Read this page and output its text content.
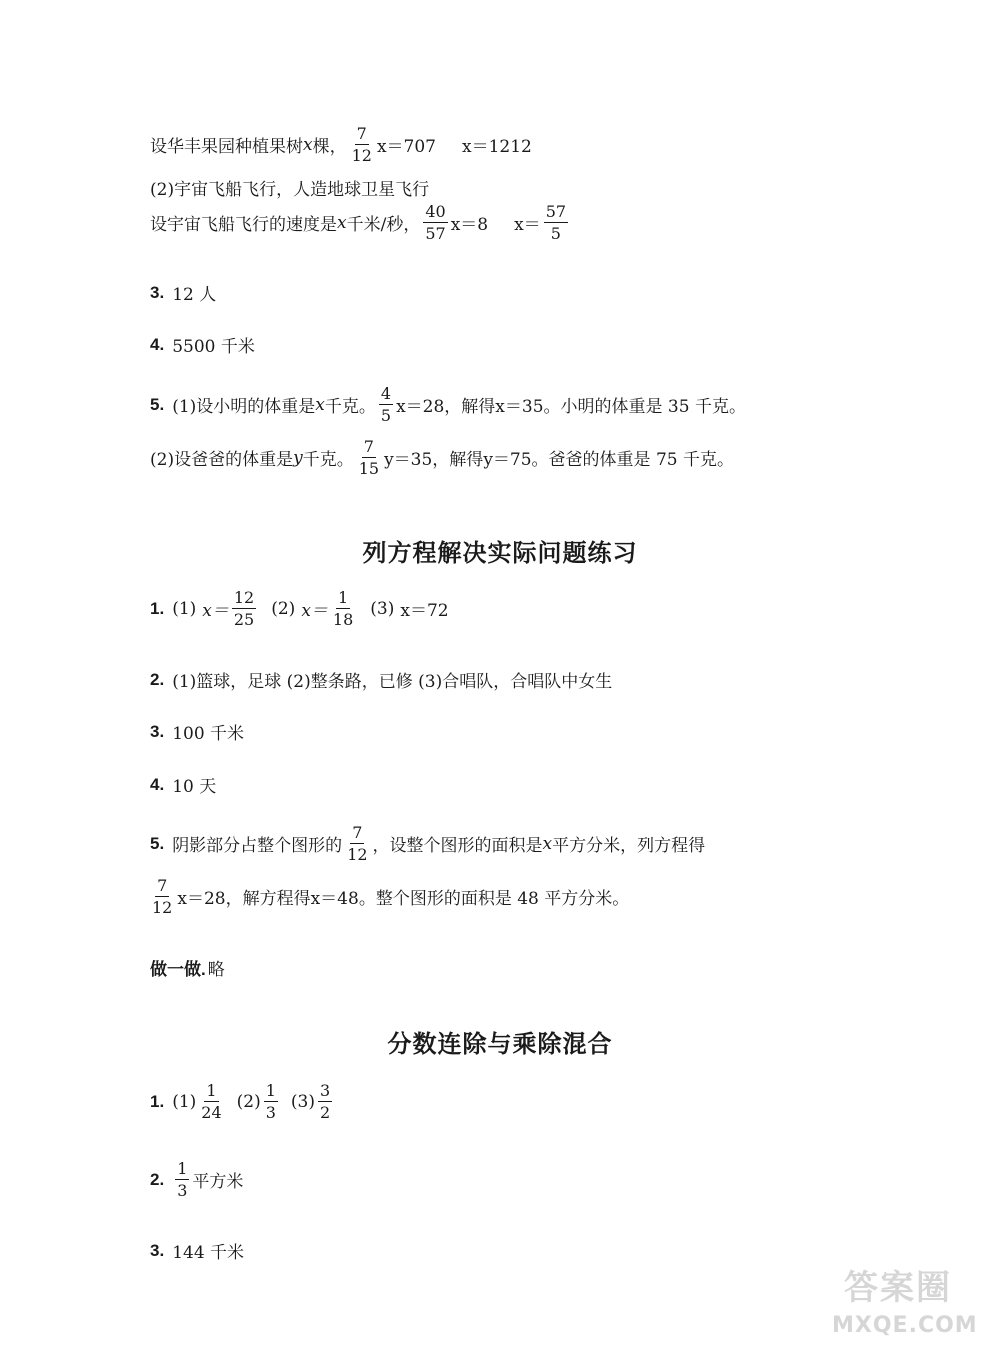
设华丰果园种植果树 x 棵， $\frac{7}{12} x=707$ x＝1212
(2)宇宙飞船飞行，人造地球卫星飞行
设宇宙飞船飞行的速度是 x 千米/秒， $\frac{40}{57} x=8$ $x= \frac{57}{5}$
3. 12 人
4. 5500 千米
5. (1)设小明的体重是 x 千克。 $\frac{4}{5} x=28$，解得 x＝35。小明的体重是 35 千克。
(2)设爸爸的体重是 y 千克。 $\frac{7}{15} y=35$，解得 y＝75。爸爸的体重是 75 千克。
列方程解决实际问题练习
1. (1) $x= \frac{12}{25} (2)$ $x= \frac{1}{18} (3)$ x＝72
2. (1)篮球，足球 (2)整条路，已修 (3)合唱队，合唱队中女生
3. 100 千米
4. 10 天
5. 阴影部分占整个图形的 $\frac{7}{12}$ ，设整个图形的面积是 x 平方分米，列方程得
$\frac{7}{12} x=28$，解方程得 x＝48。整个图形的面积是 48 平方分米。
做一做. 略
分数连除与乘除混合
1. $(1) \frac{1}{24} (2) \frac{1}{3} (3) \frac{3}{2}$
2. $\frac{1}{3}$ 平方米
3. 144 千米
答案圈
MXQE.COM
